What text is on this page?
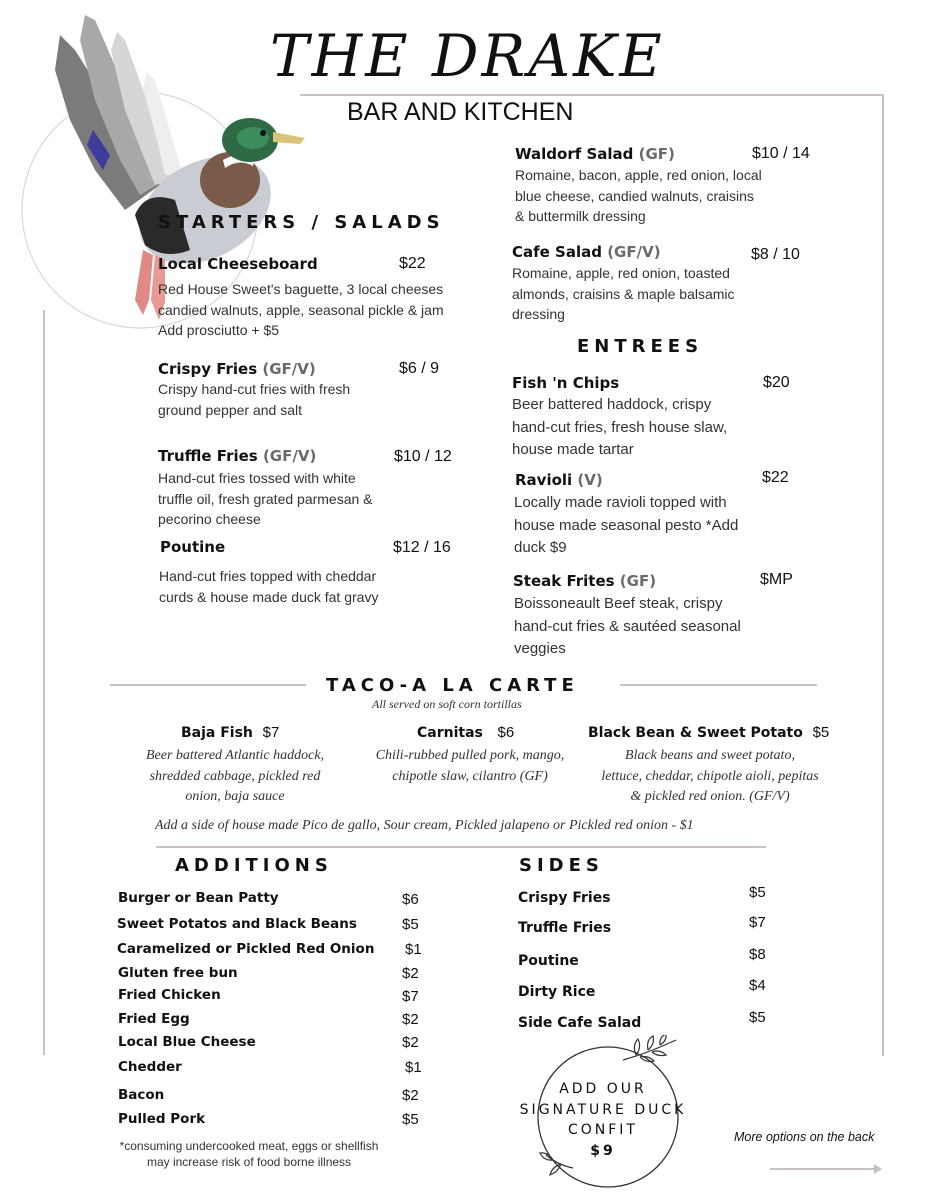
THE DRAKE
BAR AND KITCHEN
STARTERS / SALADS
Local Cheeseboard	$22
Red House Sweet's baguette, 3 local cheeses
candied walnuts, apple, seasonal pickle & jam
Add prosciutto + $5
Crispy Fries (GF/V)	$6 / 9
Crispy hand-cut fries with fresh
ground pepper and salt
Truffle Fries (GF/V)	$10 / 12
Hand-cut fries tossed with white
truffle oil, fresh grated parmesan &
pecorino cheese
Poutine	$12 / 16
Hand-cut fries topped with cheddar
curds & house made duck fat gravy
Waldorf Salad (GF)	$10 / 14
Romaine, bacon, apple, red onion, local
blue cheese, candied walnuts, craisins
& buttermilk dressing
Cafe Salad (GF/V)	$8 / 10
Romaine, apple, red onion, toasted
almonds, craisins & maple balsamic
dressing
ENTREES
Fish 'n Chips	$20
Beer battered haddock, crispy
hand-cut fries, fresh house slaw,
house made tartar
Ravioli (V)	$22
Locally made ravioli topped with
house made seasonal pesto *Add
duck $9
Steak Frites (GF)	$MP
Boissoneault Beef steak, crispy
hand-cut fries & sautéed seasonal
veggies
TACO-A LA CARTE
All served on soft corn tortillas
Baja Fish $7
Beer battered Atlantic haddock,
shredded cabbage, pickled red
onion, baja sauce
Carnitas $6
Chili-rubbed pulled pork, mango,
chipotle slaw, cilantro (GF)
Black Bean & Sweet Potato $5
Black beans and sweet potato,
lettuce, cheddar, chipotle aioli, pepitas
& pickled red onion. (GF/V)
Add a side of house made Pico de gallo, Sour cream, Pickled jalapeno or Pickled red onion - $1
ADDITIONS
Burger or Bean Patty	$6
Sweet Potatos and Black Beans	$5
Caramelized or Pickled Red Onion $1
Gluten free bun	$2
Fried Chicken	$7
Fried Egg	$2
Local Blue Cheese	$2
Chedder	$1
Bacon	$2
Pulled Pork	$5
SIDES
Crispy Fries	$5
Truffle Fries	$7
Poutine	$8
Dirty Rice	$4
Side Cafe Salad	$5
ADD OUR
SIGNATURE DUCK
CONFIT
$9
*consuming undercooked meat, eggs or shellfish
may increase risk of food borne illness
More options on the back
